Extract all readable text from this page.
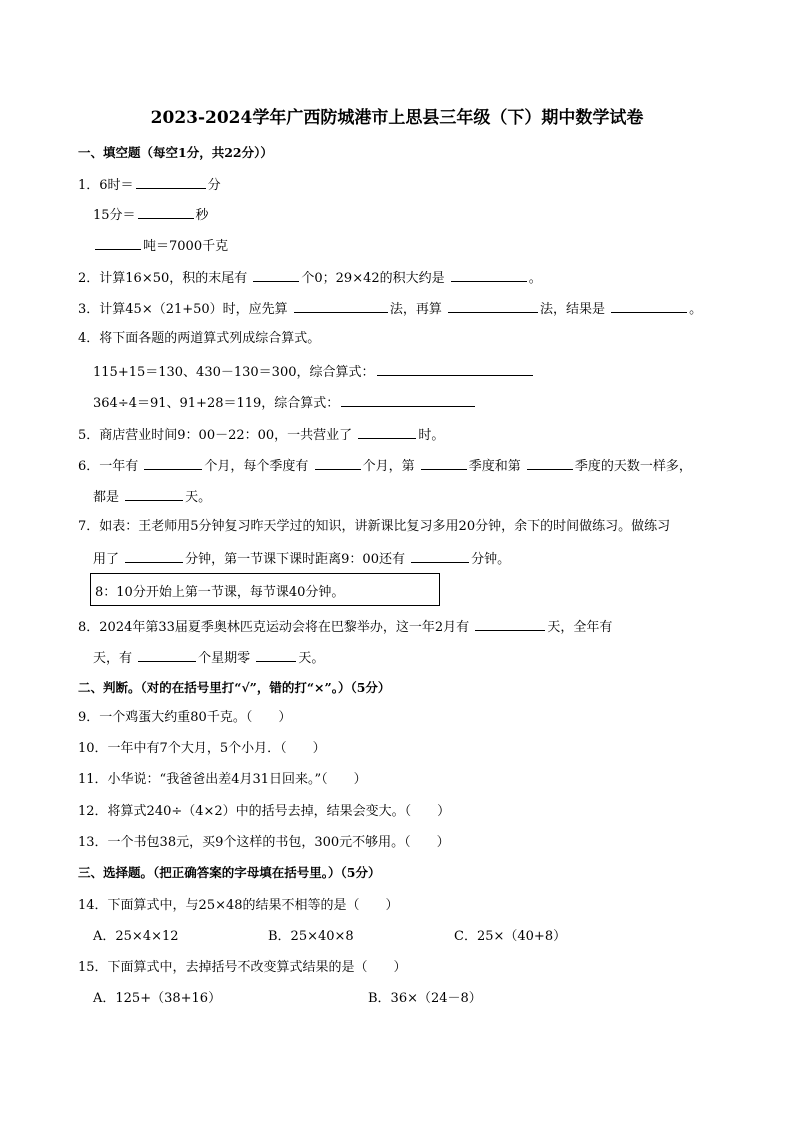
2023-2024学年广西防城港市上思县三年级（下）期中数学试卷
一、填空题（每空1分，共22分））
1．6时＝	分
15分＝	秒
吨＝7000千克
2．计算16×50，积的末尾有	个0；29×42的积大约是	。
3．计算45×（21+50）时，应先算	法，再算	法，结果是	。
4．将下面各题的两道算式列成综合算式。
115+15＝130、430－130＝300，综合算式：
364÷4＝91、91+28＝119，综合算式：
5．商店营业时间9：00－22：00，一共营业了	时。
6．一年有	个月，每个季度有	个月，第	季度和第	季度的天数一样多，
都是	天。
7．如表：王老师用5分钟复习昨天学过的知识，讲新课比复习多用20分钟，余下的时间做练习。做练习
用了	分钟，第一节课下课时距离9：00还有	分钟。
8：10分开始上第一节课，每节课40分钟。
8．2024年第33届夏季奥林匹克运动会将在巴黎举办，这一年2月有	天，全年有
天，有	个星期零	天。
二、判断。（对的在括号里打“√”，错的打“×”。）（5分）
9．一个鸡蛋大约重80千克。（　　）
10．一年中有7个大月，5个小月．（　　）
11．小华说：“我爸爸出差4月31日回来。”（　　）
12．将算式240÷（4×2）中的括号去掉，结果会变大。（　　）
13．一个书包38元，买9个这样的书包，300元不够用。（　　）
三、选择题。（把正确答案的字母填在括号里。）（5分）
14．下面算式中，与25×48的结果不相等的是（　　）
A．25×4×12	B．25×40×8	C．25×（40+8）
15．下面算式中，去掉括号不改变算式结果的是（　　）
A．125+（38+16）	B．36×（24－8）
